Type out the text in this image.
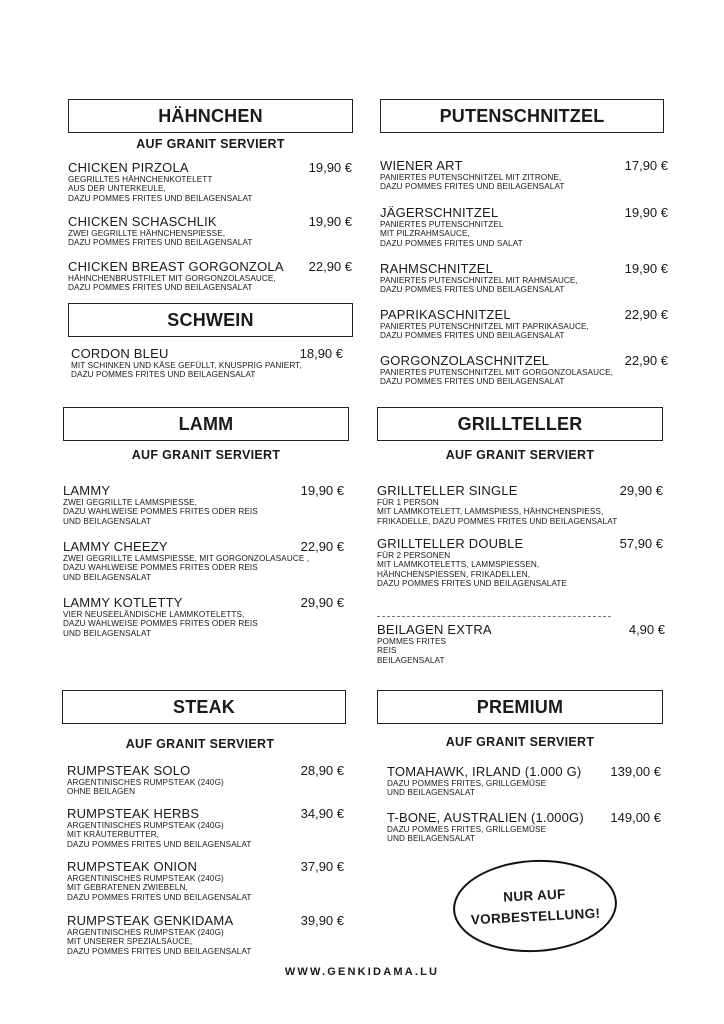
HÄHNCHEN
AUF GRANIT SERVIERT
CHICKEN PIRZOLA	19,90 €
GEGRILLTES HÄHNCHENKOTELETT
AUS DER UNTERKEULE,
DAZU POMMES FRITES UND BEILAGENSALAT
CHICKEN SCHASCHLIK	19,90 €
ZWEI GEGRILLTE HÄHNCHENSPIESSE,
DAZU POMMES FRITES UND BEILAGENSALAT
CHICKEN BREAST GORGONZOLA 22,90 €
HÄHNCHENBRUSTFILET MIT GORGONZOLASAUCE,
DAZU POMMES FRITES UND BEILAGENSALAT
SCHWEIN
CORDON BLEU	18,90 €
MIT SCHINKEN UND KÄSE GEFÜLLT, KNUSPRIG PANIERT,
DAZU POMMES FRITES UND BEILAGENSALAT
PUTENSCHNITZEL
WIENER ART	17,90 €
PANIERTES PUTENSCHNITZEL MIT ZITRONE,
DAZU POMMES FRITES UND BEILAGENSALAT
JÄGERSCHNITZEL	19,90 €
PANIERTES PUTENSCHNITZEL
MIT PILZRAHMSAUCE,
DAZU POMMES FRITES UND SALAT
RAHMSCHNITZEL	19,90 €
PANIERTES PUTENSCHNITZEL MIT RAHMSAUCE,
DAZU POMMES FRITES UND BEILAGENSALAT
PAPRIKASCHNITZEL	22,90 €
PANIERTES PUTENSCHNITZEL MIT PAPRIKASAUCE,
DAZU POMMES FRITES UND BEILAGENSALAT
GORGONZOLASCHNITZEL	22,90 €
PANIERTES PUTENSCHNITZEL MIT GORGONZOLASAUCE,
DAZU POMMES FRITES UND BEILAGENSALAT
LAMM
AUF GRANIT SERVIERT
LAMMY	19,90 €
ZWEI GEGRILLTE LAMMSPIESSE,
DAZU WAHLWEISE POMMES FRITES ODER REIS
UND BEILAGENSALAT
LAMMY CHEEZY	22,90 €
ZWEI GEGRILLTE LAMMSPIESSE, MIT GORGONZOLASAUCE ,
DAZU WAHLWEISE POMMES FRITES ODER REIS
UND BEILAGENSALAT
LAMMY KOTLETTY	29,90 €
VIER NEUSEELÄNDISCHE LAMMKOTELETTS,
DAZU WAHLWEISE POMMES FRITES ODER REIS
UND BEILAGENSALAT
GRILLTELLER
AUF GRANIT SERVIERT
GRILLTELLER SINGLE	29,90 €
FÜR 1 PERSON
MIT LAMMKOTELETT, LAMMSPIESS, HÄHNCHENSPIESS,
FRIKADELLE, DAZU POMMES FRITES UND BEILAGENSALAT
GRILLTELLER DOUBLE	57,90 €
FÜR 2 PERSONEN
MIT LAMMKOTELETTS, LAMMSPIESSEN,
HÄHNCHENSPIESSEN, FRIKADELLEN,
DAZU POMMES FRITES UND BEILAGENSALATE
BEILAGEN EXTRA	4,90 €
POMMES FRITES
REIS
BEILAGENSALAT
STEAK
AUF GRANIT SERVIERT
RUMPSTEAK SOLO	28,90 €
ARGENTINISCHES RUMPSTEAK (240G)
OHNE BEILAGEN
RUMPSTEAK HERBS	34,90 €
ARGENTINISCHES RUMPSTEAK (240G)
MIT KRÄUTERBUTTER,
DAZU POMMES FRITES UND BEILAGENSALAT
RUMPSTEAK ONION	37,90 €
ARGENTINISCHES RUMPSTEAK (240G)
MIT GEBRATENEN ZWIEBELN,
DAZU POMMES FRITES UND BEILAGENSALAT
RUMPSTEAK GENKIDAMA	39,90 €
ARGENTINISCHES RUMPSTEAK (240G)
MIT UNSERER SPEZIALSAUCE,
DAZU POMMES FRITES UND BEILAGENSALAT
PREMIUM
AUF GRANIT SERVIERT
TOMAHAWK, IRLAND (1.000 G) 139,00 €
DAZU POMMES FRITES, GRILLGEMÜSE
UND BEILAGENSALAT
T-BONE, AUSTRALIEN (1.000G) 149,00 €
DAZU POMMES FRITES, GRILLGEMÜSE
UND BEILAGENSALAT
NUR AUF
VORBESTELLUNG!
WWW.GENKIDAMA.LU
